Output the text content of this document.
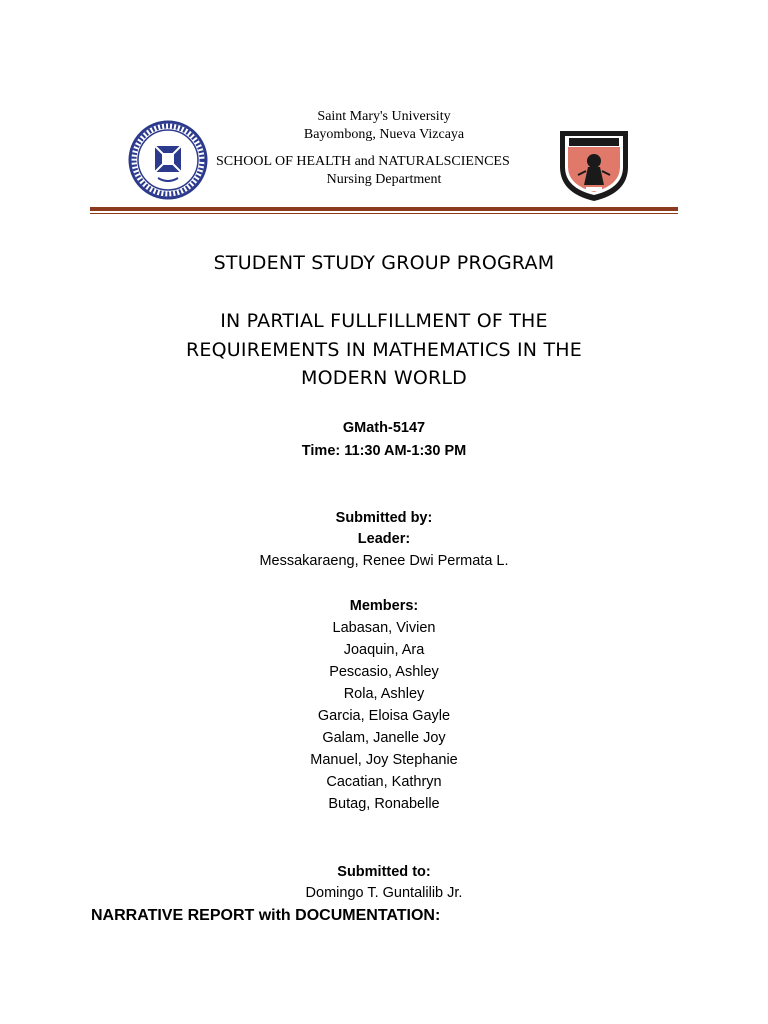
Saint Mary's University
Bayombong, Nueva Vizcaya
SCHOOL OF HEALTH and NATURALSCIENCES
Nursing Department
STUDENT STUDY GROUP PROGRAM
IN PARTIAL FULLFILLMENT OF THE
REQUIREMENTS IN MATHEMATICS IN THE
MODERN WORLD
GMath-5147
Time: 11:30 AM-1:30 PM
Submitted by:
Leader:
Messakaraeng, Renee Dwi Permata L.
Members:
Labasan, Vivien
Joaquin, Ara
Pescasio, Ashley
Rola, Ashley
Garcia, Eloisa Gayle
Galam, Janelle Joy
Manuel, Joy Stephanie
Cacatian, Kathryn
Butag, Ronabelle
Submitted to:
Domingo T. Guntalilib Jr.
NARRATIVE REPORT with DOCUMENTATION:
